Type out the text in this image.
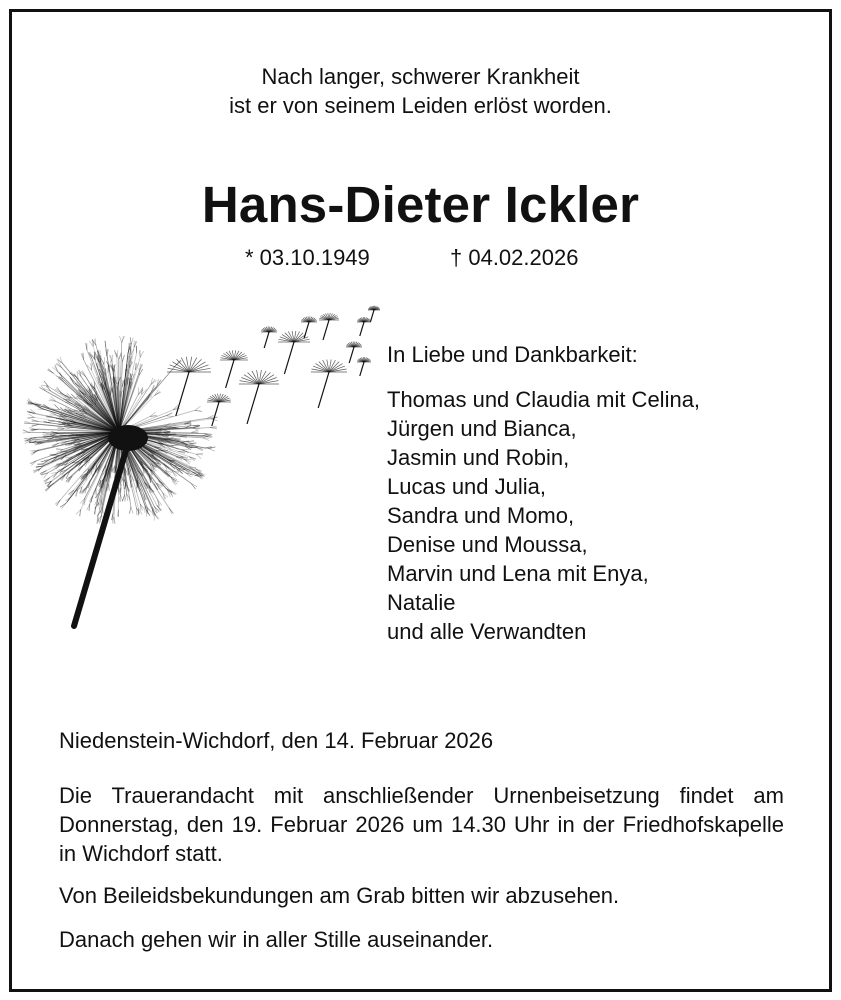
Nach langer, schwerer Krankheit
ist er von seinem Leiden erlöst worden.
Hans-Dieter Ickler
* 03.10.1949	† 04.02.2026
In Liebe und Dankbarkeit:
Thomas und Claudia mit Celina,
Jürgen und Bianca,
Jasmin und Robin,
Lucas und Julia,
Sandra und Momo,
Denise und Moussa,
Marvin und Lena mit Enya,
Natalie
und alle Verwandten
Niedenstein-Wichdorf, den 14. Februar 2026
Die Trauerandacht mit anschließender Urnenbeisetzung findet am Donnerstag, den 19. Februar 2026 um 14.30 Uhr in der Friedhofskapelle in Wichdorf statt.
Von Beileidsbekundungen am Grab bitten wir abzusehen.
Danach gehen wir in aller Stille auseinander.
